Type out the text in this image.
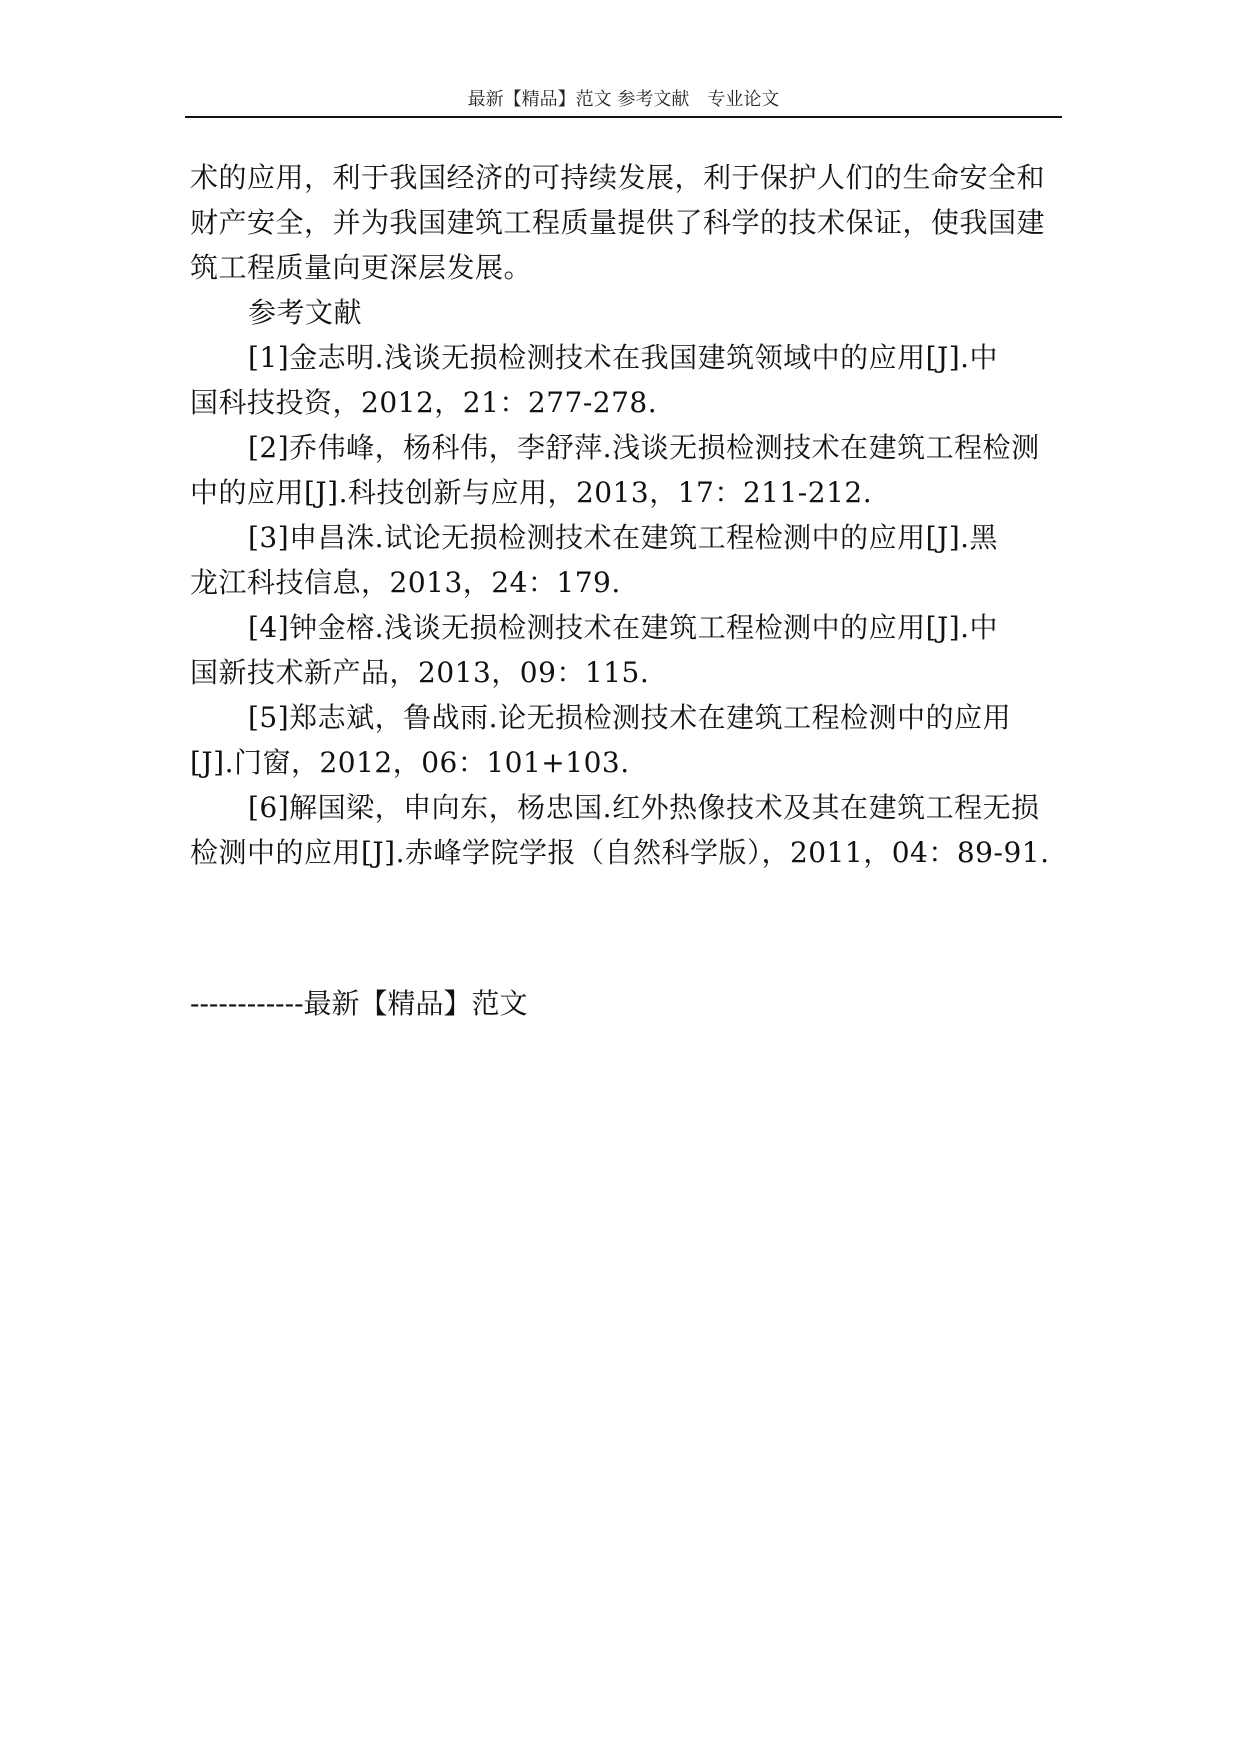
最新【精品】范文 参考文献　专业论文
术的应用，利于我国经济的可持续发展，利于保护人们的生命安全和
财产安全，并为我国建筑工程质量提供了科学的技术保证，使我国建
筑工程质量向更深层发展。
参考文献
[1]金志明.浅谈无损检测技术在我国建筑领域中的应用[J].中
国科技投资，2012，21：277-278.
[2]乔伟峰，杨科伟，李舒萍.浅谈无损检测技术在建筑工程检测
中的应用[J].科技创新与应用，2013，17：211-212.
[3]申昌洙.试论无损检测技术在建筑工程检测中的应用[J].黑
龙江科技信息，2013，24：179.
[4]钟金榕.浅谈无损检测技术在建筑工程检测中的应用[J].中
国新技术新产品，2013，09：115.
[5]郑志斌，鲁战雨.论无损检测技术在建筑工程检测中的应用
[J].门窗，2012，06：101+103.
[6]解国梁，申向东，杨忠国.红外热像技术及其在建筑工程无损
检测中的应用[J].赤峰学院学报（自然科学版），2011，04：89-91.
------------最新【精品】范文
